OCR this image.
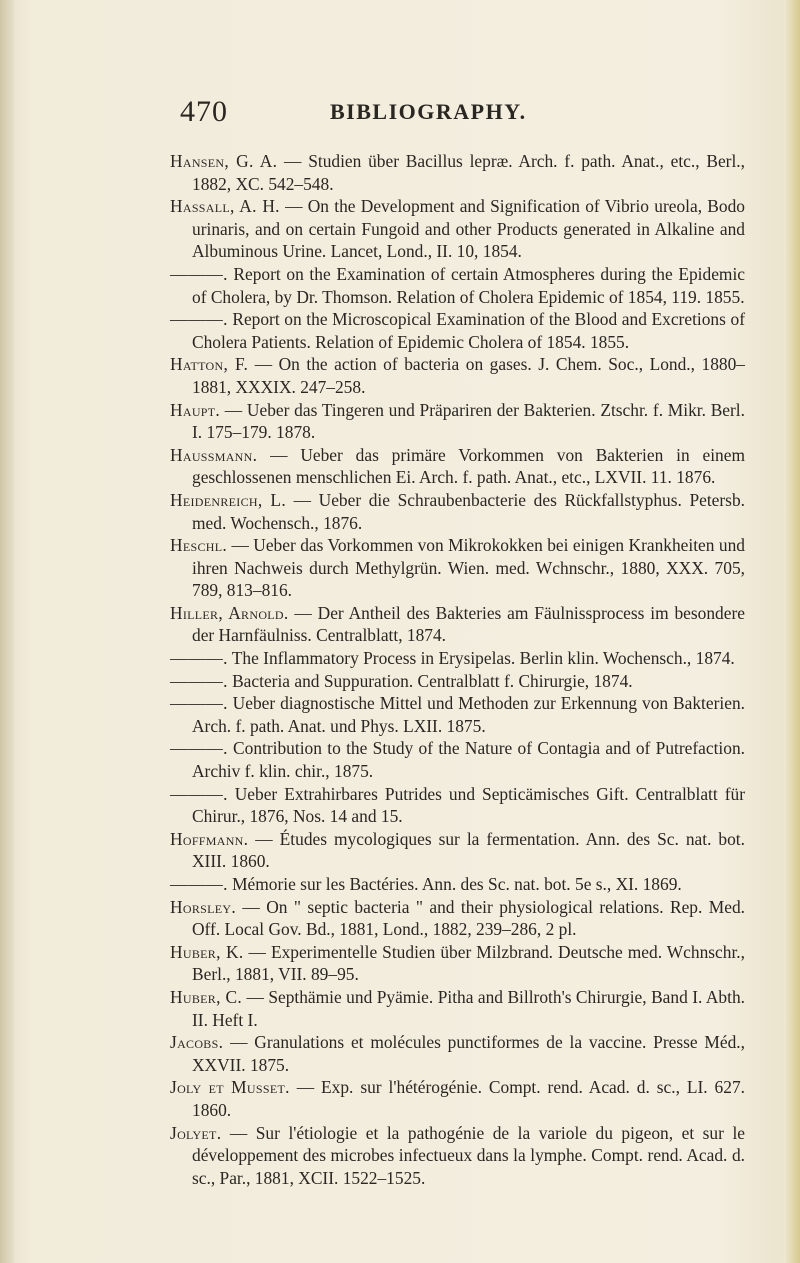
470	BIBLIOGRAPHY.

Hansen, G. A. — Studien über Bacillus lepræ. Arch. f. path. Anat., etc., Berl., 1882, XC. 542–548.

Hassall, A. H. — On the Development and Signification of Vibrio ureola, Bodo urinaris, and on certain Fungoid and other Products generated in Alkaline and Albuminous Urine. Lancet, Lond., II. 10, 1854.

———. Report on the Examination of certain Atmospheres during the Epidemic of Cholera, by Dr. Thomson. Relation of Cholera Epidemic of 1854, 119. 1855.

———. Report on the Microscopical Examination of the Blood and Excretions of Cholera Patients. Relation of Epidemic Cholera of 1854. 1855.

Hatton, F. — On the action of bacteria on gases. J. Chem. Soc., Lond., 1880–1881, XXXIX. 247–258.

Haupt. — Ueber das Tingeren und Präpariren der Bakterien. Ztschr. f. Mikr. Berl. I. 175–179. 1878.

Haussmann. — Ueber das primäre Vorkommen von Bakterien in einem geschlossenen menschlichen Ei. Arch. f. path. Anat., etc., LXVII. 11. 1876.

Heidenreich, L. — Ueber die Schraubenbacterie des Rückfallstyphus. Petersb. med. Wochensch., 1876.

Heschl. — Ueber das Vorkommen von Mikrokokken bei einigen Krankheiten und ihren Nachweis durch Methylgrün. Wien. med. Wchnschr., 1880, XXX. 705, 789, 813–816.

Hiller, Arnold. — Der Antheil des Bakteries am Fäulnissprocess im besondere der Harnfäulniss. Centralblatt, 1874.

———. The Inflammatory Process in Erysipelas. Berlin klin. Wochensch., 1874.

———. Bacteria and Suppuration. Centralblatt f. Chirurgie, 1874.

———. Ueber diagnostische Mittel und Methoden zur Erkennung von Bakterien. Arch. f. path. Anat. und Phys. LXII. 1875.

———. Contribution to the Study of the Nature of Contagia and of Putrefaction. Archiv f. klin. chir., 1875.

———. Ueber Extrahirbares Putrides und Septicämisches Gift. Centralblatt für Chirur., 1876, Nos. 14 and 15.

Hoffmann. — Études mycologiques sur la fermentation. Ann. des Sc. nat. bot. XIII. 1860.

———. Mémorie sur les Bactéries. Ann. des Sc. nat. bot. 5e s., XI. 1869.

Horsley. — On " septic bacteria " and their physiological relations. Rep. Med. Off. Local Gov. Bd., 1881, Lond., 1882, 239–286, 2 pl.

Huber, K. — Experimentelle Studien über Milzbrand. Deutsche med. Wchnschr., Berl., 1881, VII. 89–95.

Huber, C. — Septhämie und Pyämie. Pitha and Billroth's Chirurgie, Band I. Abth. II. Heft I.

Jacobs. — Granulations et molécules punctiformes de la vaccine. Presse Méd., XXVII. 1875.

Joly et Musset. — Exp. sur l'hétérogénie. Compt. rend. Acad. d. sc., LI. 627. 1860.

Jolyet. — Sur l'étiologie et la pathogénie de la variole du pigeon, et sur le développement des microbes infectueux dans la lymphe. Compt. rend. Acad. d. sc., Par., 1881, XCII. 1522–1525.
